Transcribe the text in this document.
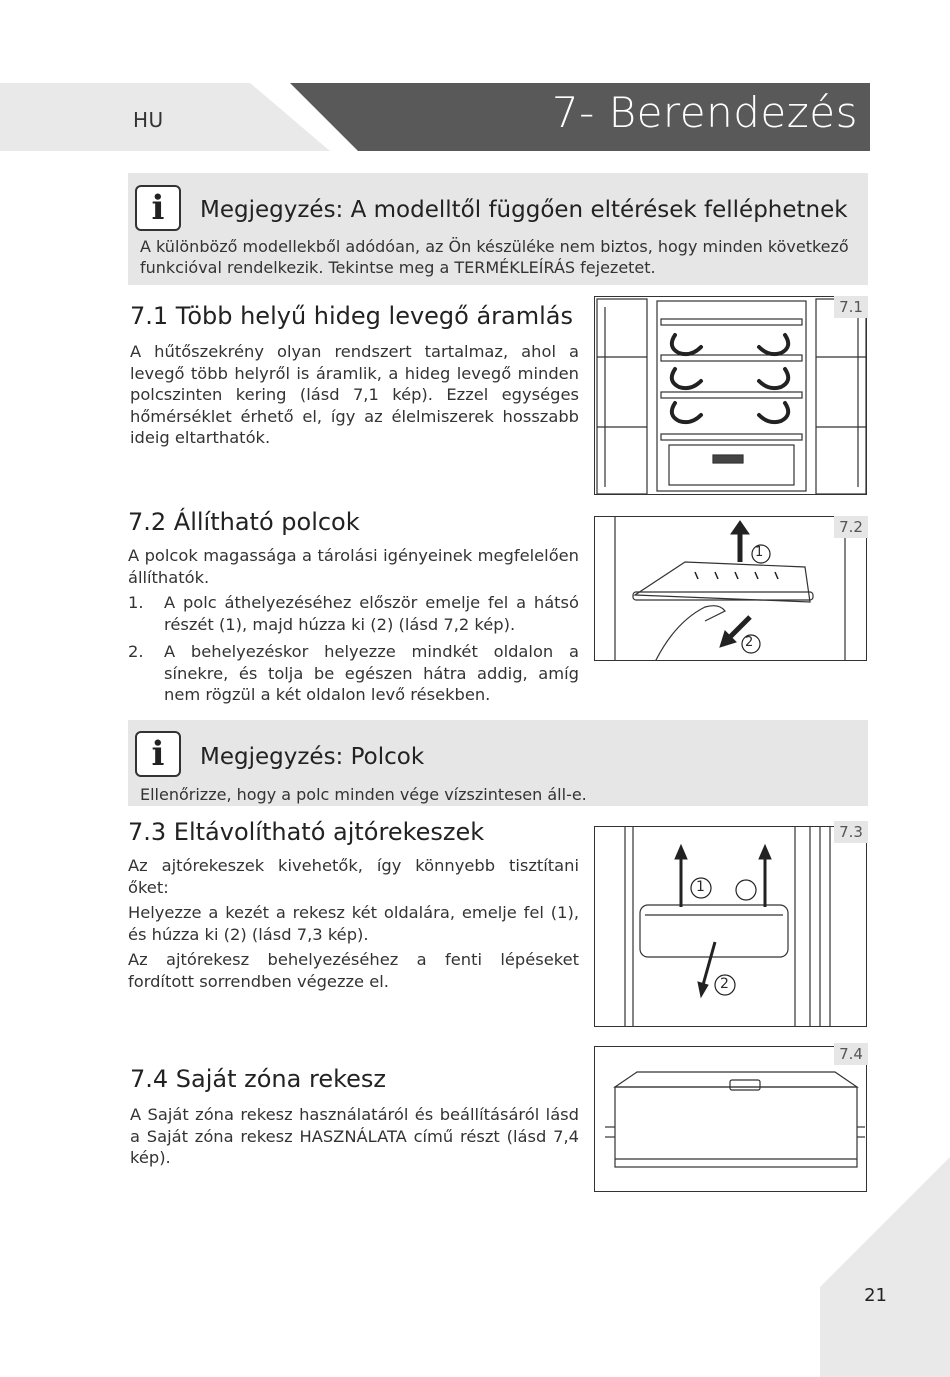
HU	7- Berendezés
i	Megjegyzés: A modelltől függően eltérések felléphetnek
A különböző modellekből adódóan, az Ön készüléke nem biztos, hogy minden következő funkcióval rendelkezik. Tekintse meg a TERMÉKLEÍRÁS fejezetet.
7.1 Több helyű hideg levegő áramlás
A hűtőszekrény olyan rendszert tartalmaz, ahol a levegő több helyről is áramlik, a hideg levegő minden polcszinten kering (lásd 7,1 kép). Ezzel egységes hőmérséklet érhető el, így az élelmiszerek hosszabb ideig eltarthatók.
7.1
7.2 Állítható polcok

A polcok magassága a tárolási igényeinek megfelelően állíthatók.

1. A polc áthelyezéséhez először emelje fel a hátsó részét (1), majd húzza ki (2) (lásd 7,2 kép).
2. A behelyezéskor helyezze mindkét oldalon a sínekre, és tolja be egészen hátra addig, amíg nem rögzül a két oldalon levő résekben.
1
2
7.2
i	Megjegyzés: Polcok
Ellenőrizze, hogy a polc minden vége vízszintesen áll-e.
7.3 Eltávolítható ajtórekeszek

Az ajtórekeszek kivehetők, így könnyebb tisztítani őket:

Helyezze a kezét a rekesz két oldalára, emelje fel (1), és húzza ki (2) (lásd 7,3 kép).

Az ajtórekesz behelyezéséhez a fenti lépéseket fordított sorrendben végezze el.

1
2
7.3
7.4 Saját zóna rekesz
A Saját zóna rekesz használatáról és beállításáról lásd a Saját zóna rekesz HASZNÁLATA című részt (lásd 7,4 kép).
7.4
21
